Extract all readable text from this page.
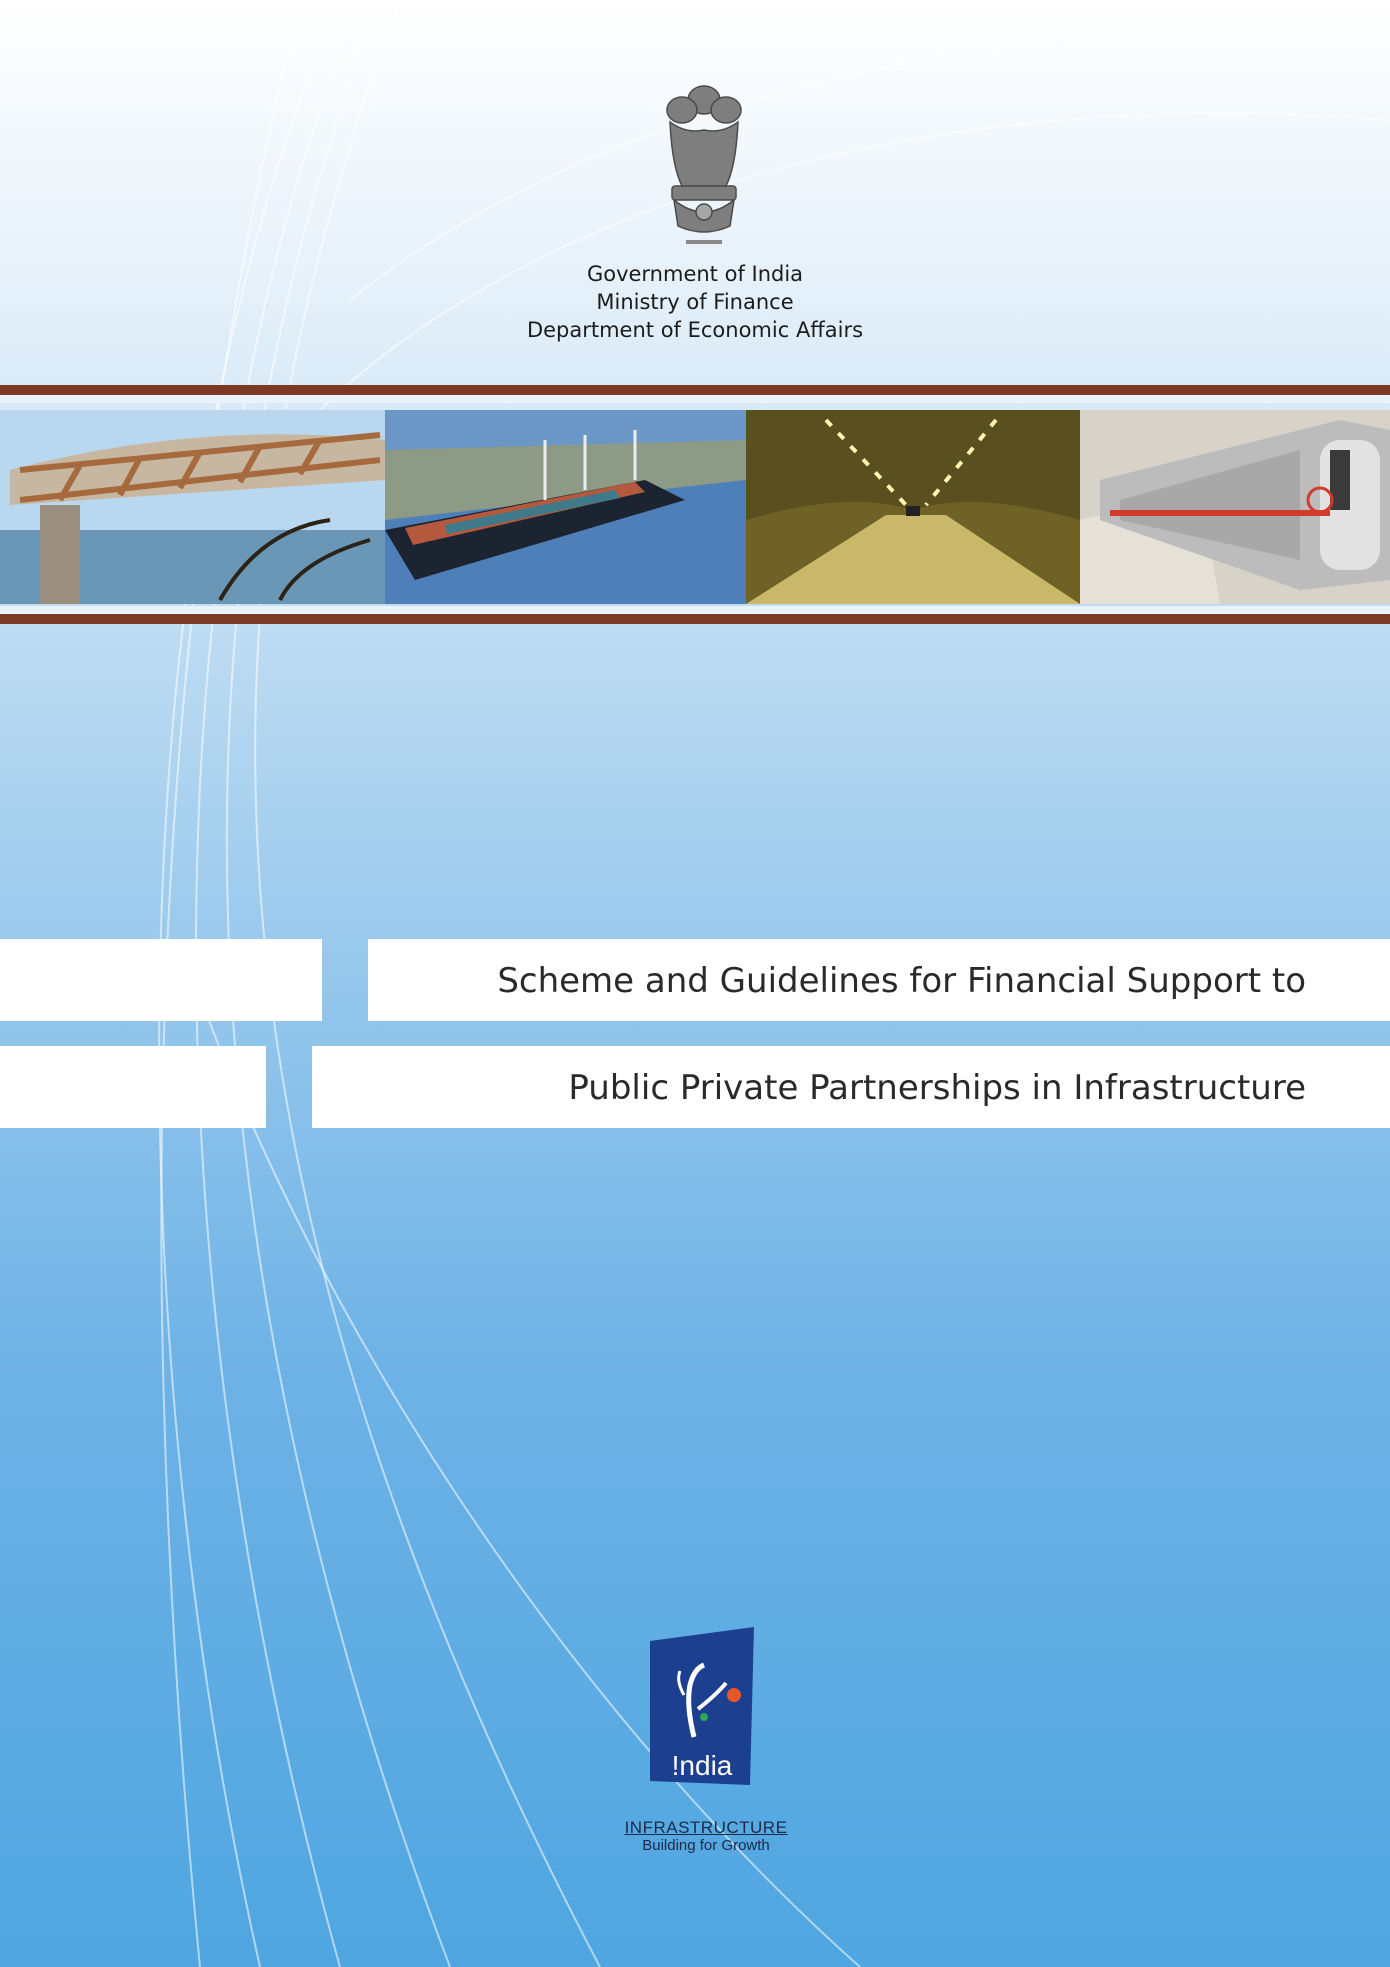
Government of India
Ministry of Finance
Department of Economic Affairs
Scheme and Guidelines for Financial Support to
Public Private Partnerships in Infrastructure
!ndia
INFRASTRUCTURE
Building for Growth
